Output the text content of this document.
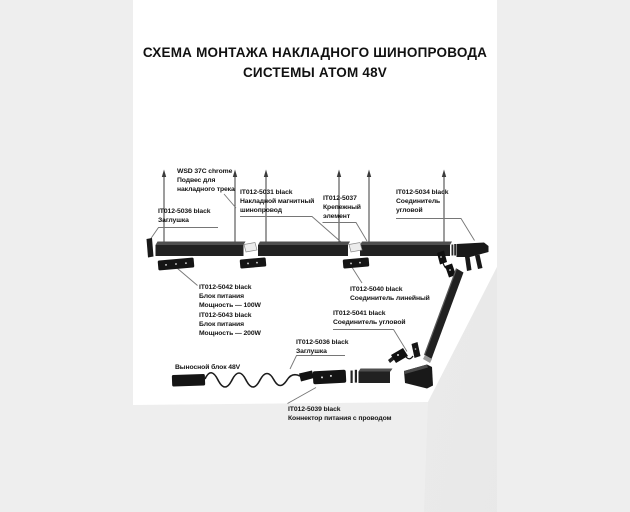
СХЕМА МОНТАЖА НАКЛАДНОГО ШИНОПРОВОДА
СИСТЕМЫ АТОМ 48V
WSD 37C chrome
Подвес для
накладного трека
IT012-5036 black
Заглушка
IT012-5031 black
Накладной магнитный
шинопровод
IT012-5037
Крепежный
элемент
IT012-5034 black
Соединитель
угловой
IT012-5042 black
Блок питания
Мощность — 100W
IT012-5043 black
Блок питания
Мощность — 200W
IT012-5040 black
Соединитель линейный
IT012-5041 black
Соединитель угловой
IT012-5036 black
Заглушка
Выносной блок 48V
IT012-5039 black
Коннектор питания с проводом
